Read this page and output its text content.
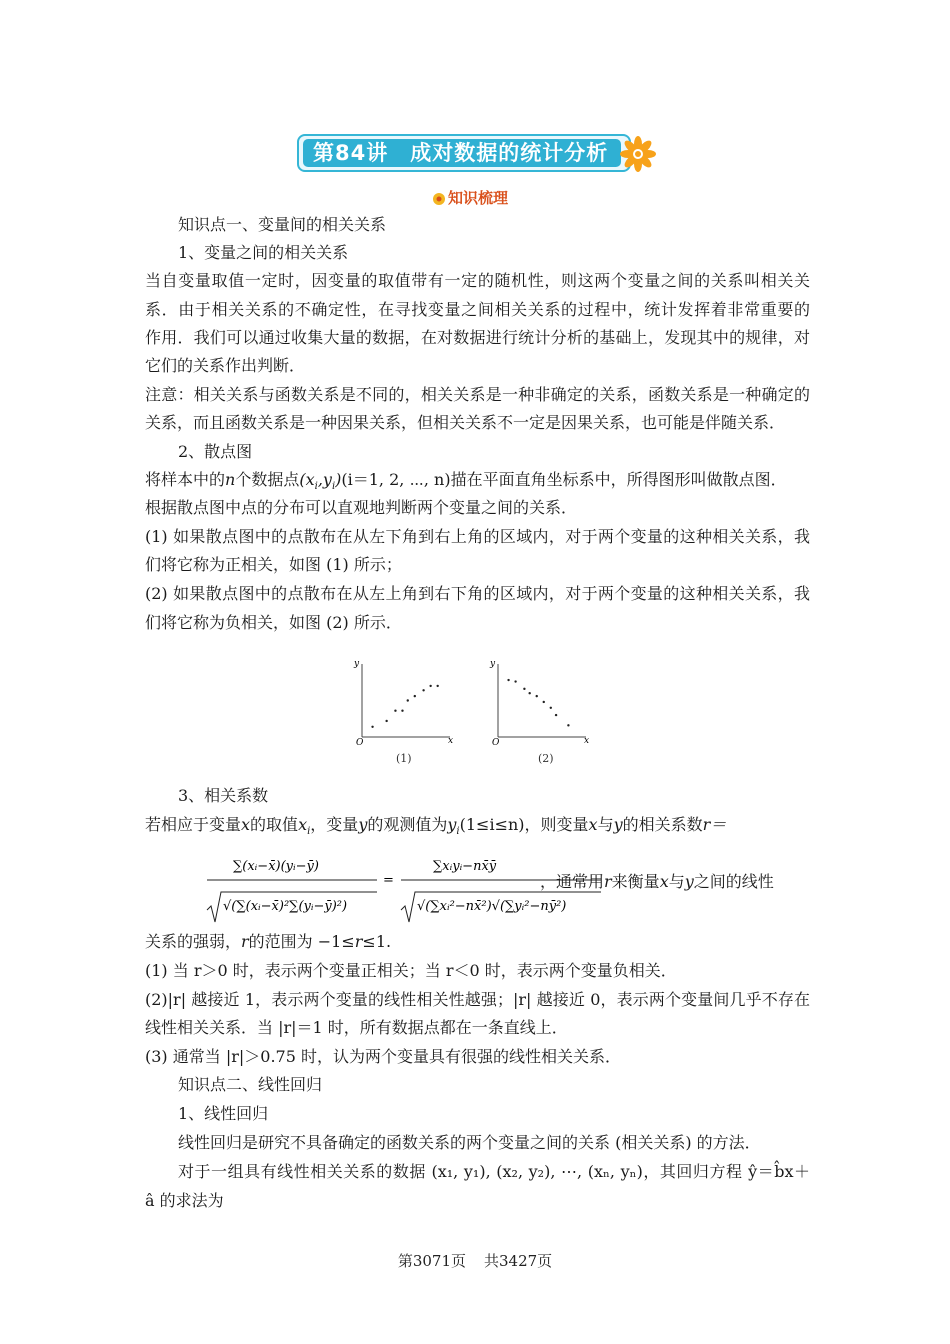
第84讲 成对数据的统计分析
知识梳理
知识点一、变量间的相关关系
1、变量之间的相关关系
当自变量取值一定时，因变量的取值带有一定的随机性，则这两个变量之间的关系叫相关关
系．由于相关关系的不确定性，在寻找变量之间相关关系的过程中，统计发挥着非常重要的
作用．我们可以通过收集大量的数据，在对数据进行统计分析的基础上，发现其中的规律，对
它们的关系作出判断．
注意：相关关系与函数关系是不同的，相关关系是一种非确定的关系，函数关系是一种确定的
关系，而且函数关系是一种因果关系，但相关关系不一定是因果关系，也可能是伴随关系．
2、散点图
将样本中的n个数据点$(x_i,y_i)(i=1$, 2, ⋯, n)描在平面直角坐标系中，所得图形叫做散点图．
根据散点图中点的分布可以直观地判断两个变量之间的关系．
(1) 如果散点图中的点散布在从左下角到右上角的区域内，对于两个变量的这种相关关系，我
们将它称为正相关，如图 (1) 所示；
(2) 如果散点图中的点散布在从左上角到右下角的区域内，对于两个变量的这种相关关系，我
们将它称为负相关，如图 (2) 所示．
y
x
O
(1)
y
x
O
(2)
3、相关系数
若相应于变量x的取值$x_i$，变量y的观测值为$y_i(1\le i\le n)$，则变量x与y的相关系数r＝
∑(xᵢ−x̄)(yᵢ−ȳ)
√(∑(xᵢ−x̄)²∑(yᵢ−ȳ)²)
=
∑xᵢyᵢ−nx̄ȳ
√(∑xᵢ²−nx̄²)√(∑yᵢ²−nȳ²)
，通常用r来衡量x与y之间的线性
关系的强弱，r的范围为 −1≤r≤1.
(1) 当 r＞0 时，表示两个变量正相关；当 r＜0 时，表示两个变量负相关．
(2)|r| 越接近 1，表示两个变量的线性相关性越强；|r| 越接近 0，表示两个变量间几乎不存在
线性相关关系．当 |r|＝1 时，所有数据点都在一条直线上．
(3) 通常当 |r|＞0.75 时，认为两个变量具有很强的线性相关关系．
知识点二、线性回归
1、线性回归
线性回归是研究不具备确定的函数关系的两个变量之间的关系 (相关关系) 的方法．
对于一组具有线性相关关系的数据 (x₁, y₁), (x₂, y₂), ⋯, (xₙ, yₙ)，其回归方程 ŷ＝b̂x＋
â 的求法为
第3071页 共3427页
